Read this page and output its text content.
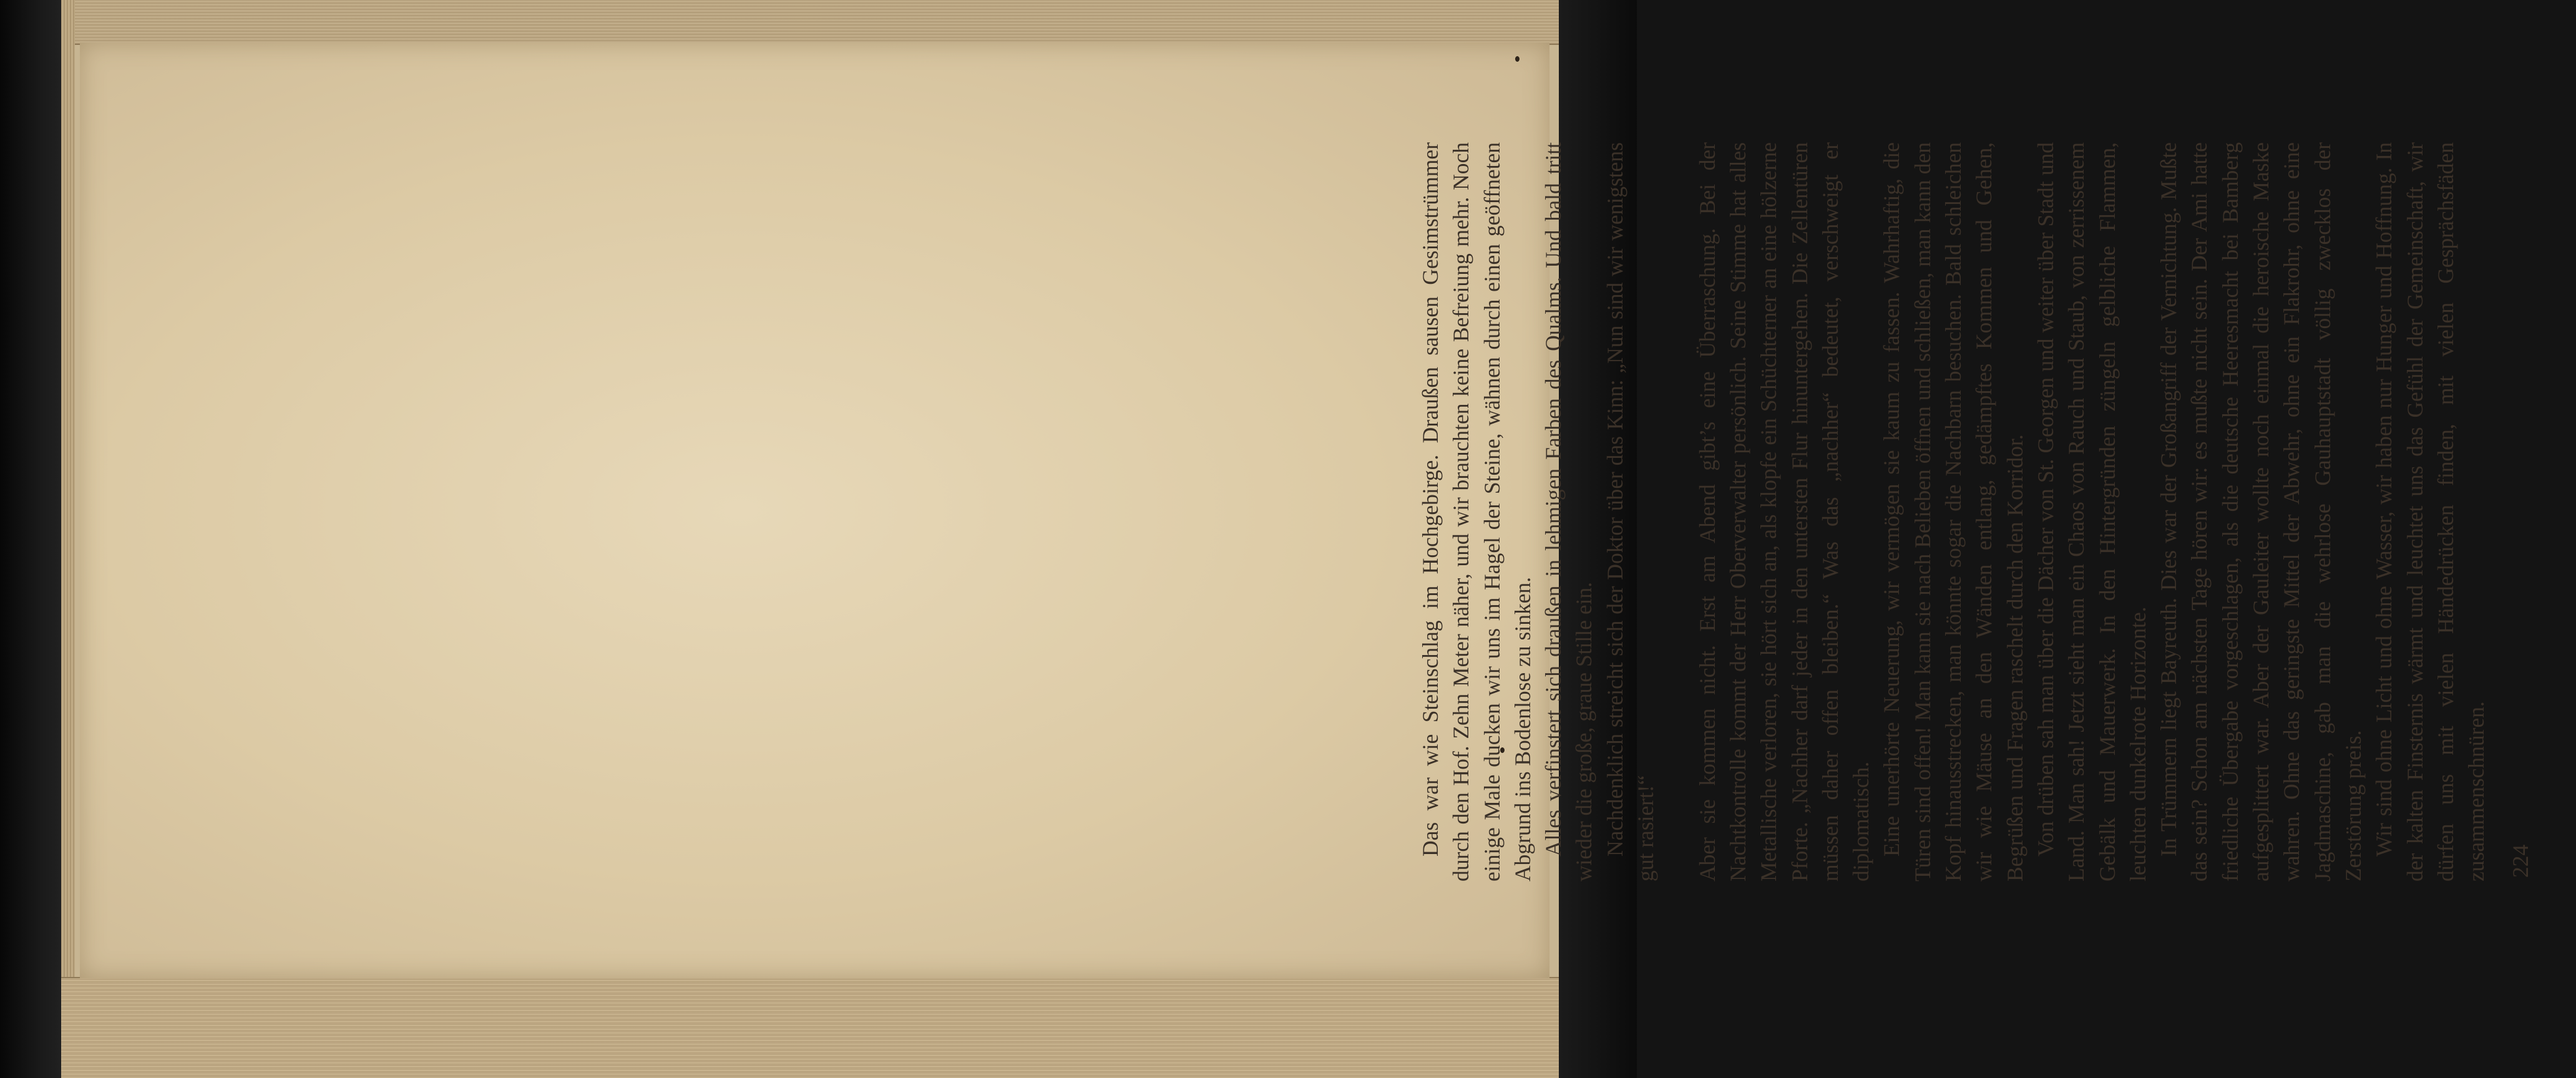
Das war wie Steinschlag im Hochgebirge. Draußen sausen Gesimstrümmer durch den Hof. Zehn Meter näher, und wir brauchten keine Befreiung mehr. Noch einige Male ducken wir uns im Hagel der Steine, wähnen durch einen geöffneten Abgrund ins Bodenlose zu sinken. Alles verfinstert sich draußen in lehmigen Farben des Qualms. Und bald tritt wieder die große, graue Stille ein. Nachdenklich streicht sich der Doktor über das Kinn: „Nun sind wir wenigstens gut rasiert!“ Aber sie kommen nicht. Erst am Abend gibt’s eine Überraschung. Bei der Nachtkontrolle kommt der Herr Oberverwalter persönlich. Seine Stimme hat alles Metallische verloren, sie hört sich an, als klopfe ein Schüchterner an eine hölzerne Pforte. „Nachher darf jeder in den untersten Flur hinuntergehen. Die Zellentüren müssen daher offen bleiben.“ Was das „nachher“ bedeutet, verschweigt er diplomatisch. Eine unerhörte Neuerung, wir vermögen sie kaum zu fassen. Wahrhaftig, die Türen sind offen! Man kann sie nach Belieben öffnen und schließen, man kann den Kopf hinausstrecken, man könnte sogar die Nachbarn besuchen. Bald schleichen wir wie Mäuse an den Wänden entlang, gedämpftes Kommen und Gehen, Begrüßen und Fragen raschelt durch den Korridor. Von drüben sah man über die Dächer von St. Georgen und weiter über Stadt und Land. Man sah! Jetzt sieht man ein Chaos von Rauch und Staub, von zerrissenem Gebälk und Mauerwerk. In den Hintergründen züngeln gelbliche Flammen, leuchten dunkelrote Horizonte. In Trümmern liegt Bayreuth. Dies war der Großangriff der Vernichtung. Mußte das sein? Schon am nächsten Tage hören wir: es mußte nicht sein. Der Ami hatte friedliche Übergabe vorgeschlagen, als die deutsche Heeresmacht bei Bamberg aufgesplittert war. Aber der Gauleiter wollte noch einmal die heroische Maske wahren. Ohne das geringste Mittel der Abwehr, ohne ein Flakrohr, ohne eine Jagdmaschine, gab man die wehrlose Gauhauptstadt völlig zwecklos der Zerstörung preis. Wir sind ohne Licht und ohne Wasser, wir haben nur Hunger und Hoffnung. In der kalten Finsternis wärmt und leuchtet uns das Gefühl der Gemeinschaft, wir dürfen uns mit vielen Händedrücken finden, mit vielen Gesprächsfäden zusammenschnüren. 224
